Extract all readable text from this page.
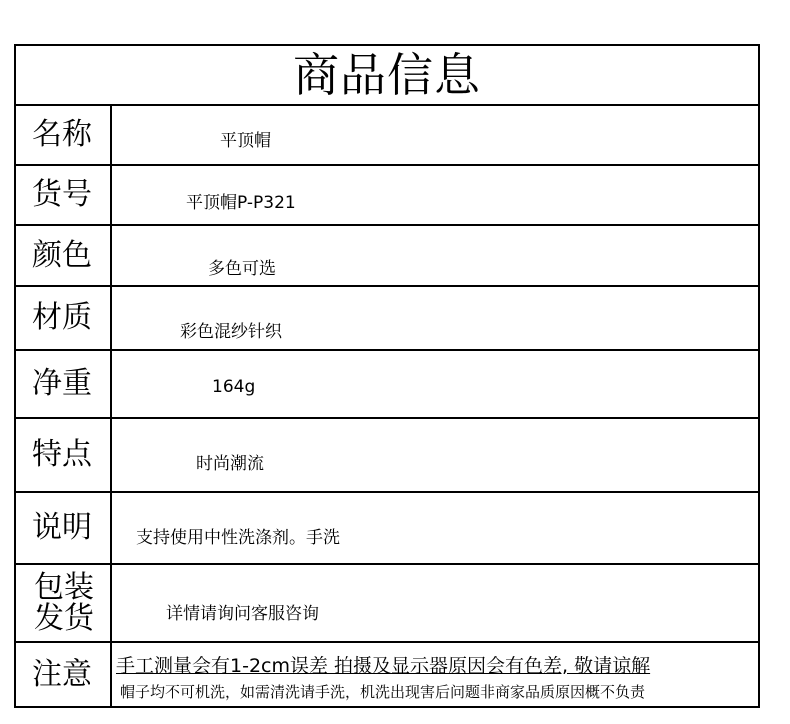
商品信息
名称	平顶帽
货号	平顶帽P-P321
颜色	多色可选
材质	彩色混纱针织
净重	164g
特点	时尚潮流
说明	支持使用中性洗涤剂。手洗
包装
发货	详情请询问客服咨询
注意	手工测量会有1-2cm误差 拍摄及显示器原因会有色差, 敬请谅解
帽子均不可机洗，如需清洗请手洗，机洗出现害后问题非商家品质原因概不负责
